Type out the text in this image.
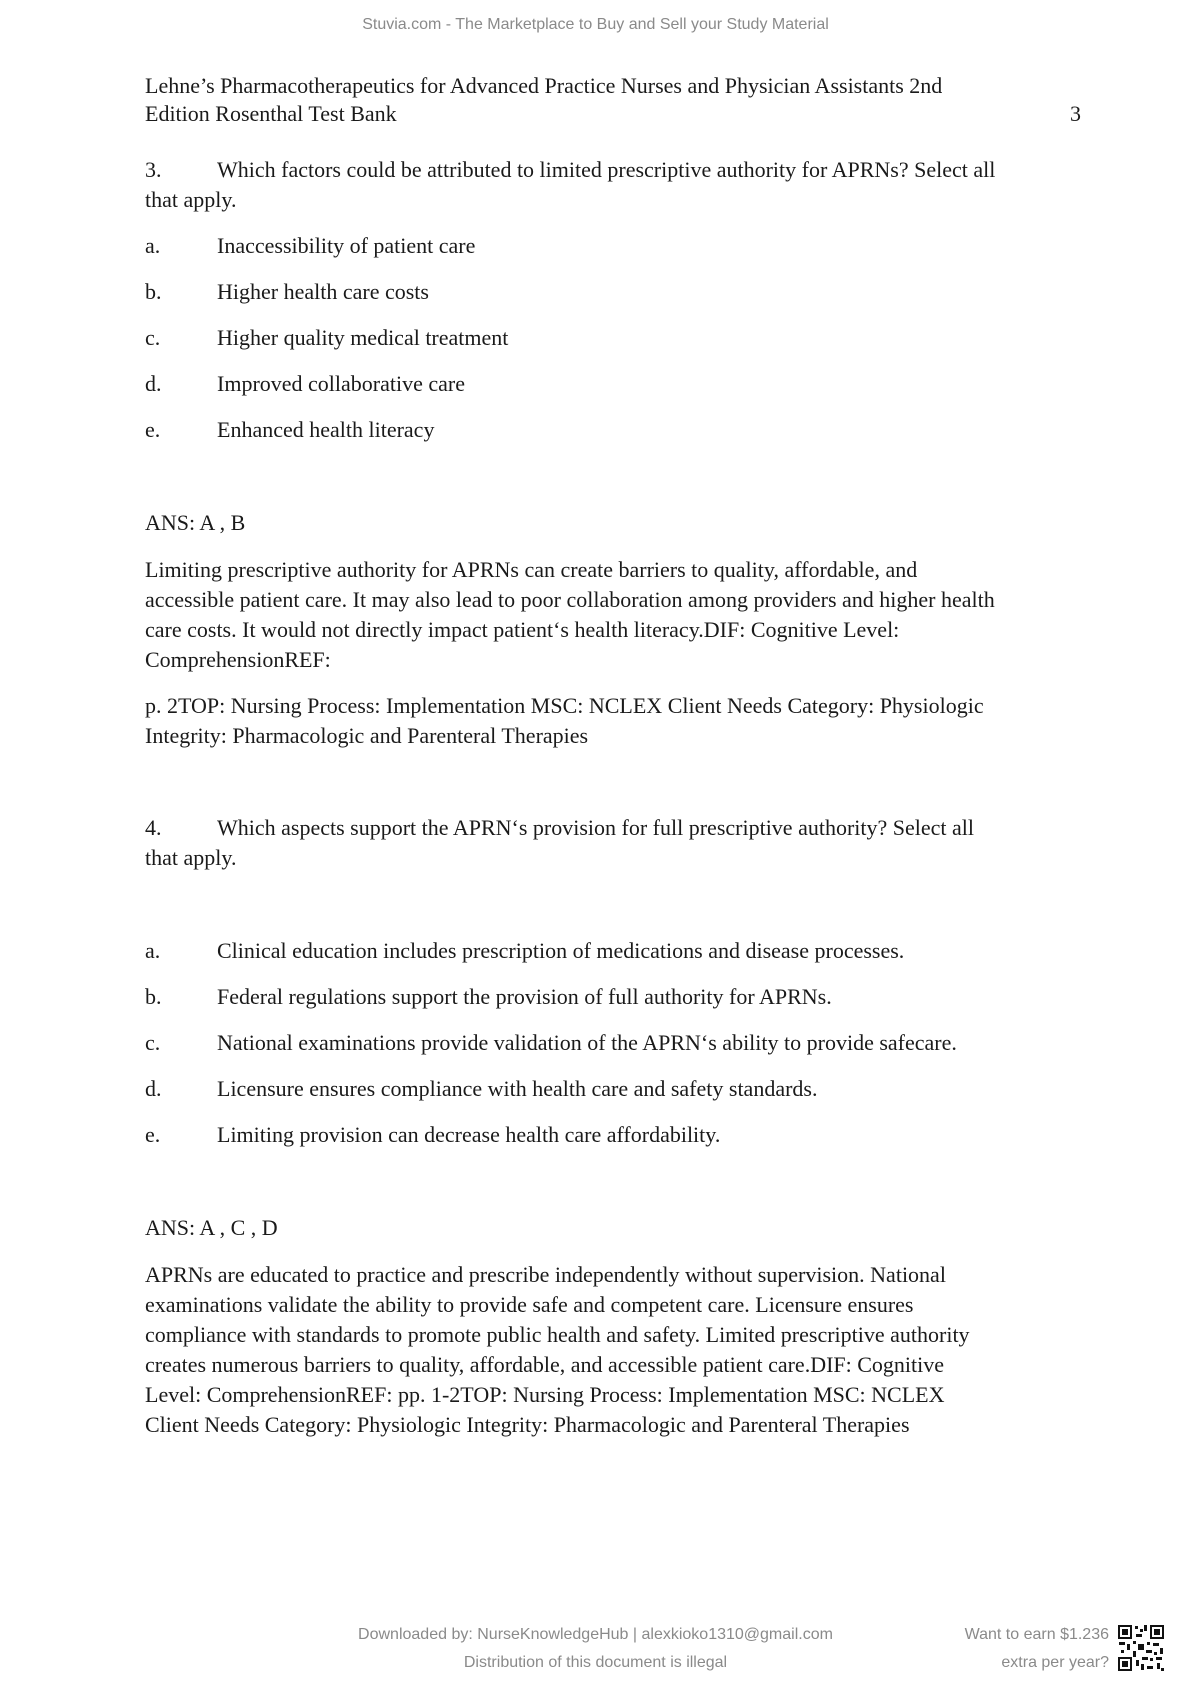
Stuvia.com - The Marketplace to Buy and Sell your Study Material
Lehne’s Pharmacotherapeutics for Advanced Practice Nurses and Physician Assistants 2nd
Edition Rosenthal Test Bank	3
3.	Which factors could be attributed to limited prescriptive authority for APRNs? Select all
that apply.
a.	Inaccessibility of patient care
b.	Higher health care costs
c.	Higher quality medical treatment
d.	Improved collaborative care
e.	Enhanced health literacy
ANS: A , B
Limiting prescriptive authority for APRNs can create barriers to quality, affordable, and
accessible patient care. It may also lead to poor collaboration among providers and higher health
care costs. It would not directly impact patient‘s health literacy.DIF: Cognitive Level:
ComprehensionREF:
p. 2TOP: Nursing Process: Implementation MSC: NCLEX Client Needs Category: Physiologic
Integrity: Pharmacologic and Parenteral Therapies
4.	Which aspects support the APRN‘s provision for full prescriptive authority? Select all
that apply.
a.	Clinical education includes prescription of medications and disease processes.
b.	Federal regulations support the provision of full authority for APRNs.
c.	National examinations provide validation of the APRN‘s ability to provide safecare.
d.	Licensure ensures compliance with health care and safety standards.
e.	Limiting provision can decrease health care affordability.
ANS: A , C , D
APRNs are educated to practice and prescribe independently without supervision. National
examinations validate the ability to provide safe and competent care. Licensure ensures
compliance with standards to promote public health and safety. Limited prescriptive authority
creates numerous barriers to quality, affordable, and accessible patient care.DIF: Cognitive
Level: ComprehensionREF: pp. 1-2TOP: Nursing Process: Implementation MSC: NCLEX
Client Needs Category: Physiologic Integrity: Pharmacologic and Parenteral Therapies
Downloaded by: NurseKnowledgeHub | alexkioko1310@gmail.com
Distribution of this document is illegal
Want to earn $1.236
extra per year?
